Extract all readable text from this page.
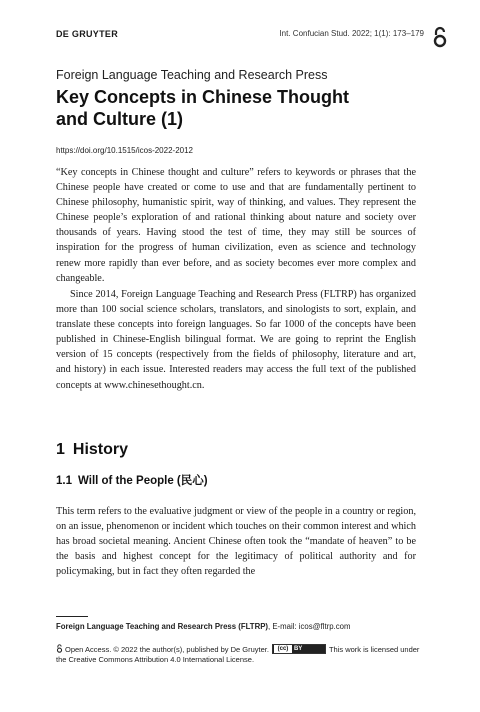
DE GRUYTER	Int. Confucian Stud. 2022; 1(1): 173–179
Foreign Language Teaching and Research Press
Key Concepts in Chinese Thought and Culture (1)
https://doi.org/10.1515/icos-2022-2012

“Key concepts in Chinese thought and culture” refers to keywords or phrases that the Chinese people have created or come to use and that are fundamentally pertinent to Chinese philosophy, humanistic spirit, way of thinking, and values. They represent the Chinese people’s exploration of and rational thinking about nature and society over thousands of years. Having stood the test of time, they may still be sources of inspiration for the progress of human civilization, even as science and technology renew more rapidly than ever before, and as society becomes ever more complex and changeable.

Since 2014, Foreign Language Teaching and Research Press (FLTRP) has organized more than 100 social science scholars, translators, and sinologists to sort, explain, and translate these concepts into foreign languages. So far 1000 of the concepts have been published in Chinese-English bilingual format. We are going to reprint the English version of 15 concepts (respectively from the fields of philosophy, literature and art, and history) in each issue. Interested readers may access the full text of the published concepts at www.chinesethought.cn.

1 History
1.1 Will of the People (民心)

This term refers to the evaluative judgment or view of the people in a country or region, on an issue, phenomenon or incident which touches on their common interest and which has broad societal meaning. Ancient Chinese often took the “mandate of heaven” to be the basis and highest concept for the legitimacy of political authority and for policymaking, but in fact they often regarded the

Foreign Language Teaching and Research Press (FLTRP), E-mail: icos@fltrp.com
Open Access. © 2022 the author(s), published by De Gruyter.	(cc) BY	This work is licensed under the Creative Commons Attribution 4.0 International License.
